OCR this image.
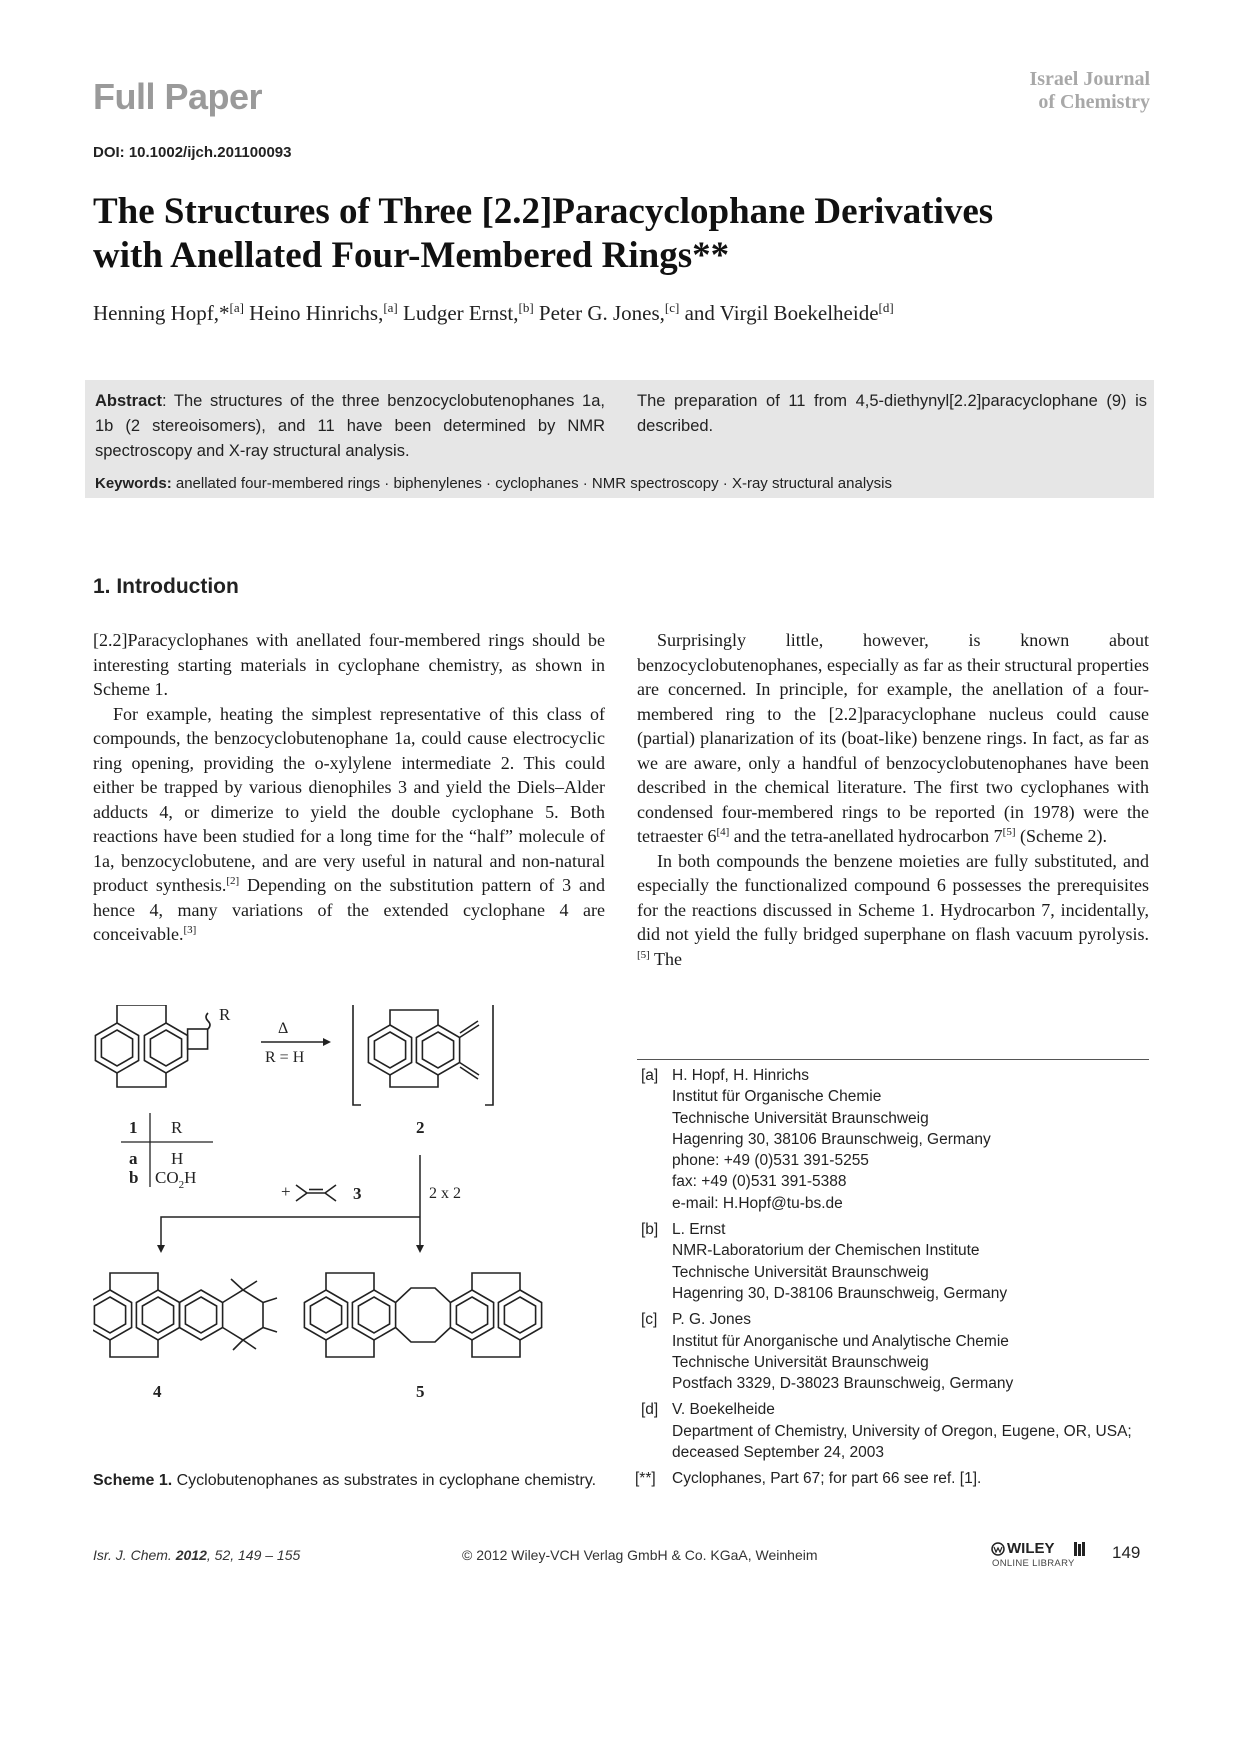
Full Paper	Israel Journal
of Chemistry
DOI: 10.1002/ijch.201100093
The Structures of Three [2.2]Paracyclophane Derivatives
with Anellated Four-Membered Rings**
Henning Hopf,*[a] Heino Hinrichs,[a] Ludger Ernst,[b] Peter G. Jones,[c] and Virgil Boekelheide[d]
Abstract: The structures of the three benzocyclobutenophanes 1a, 1b (2 stereoisomers), and 11 have been determined by NMR spectroscopy and X-ray structural analysis.
The preparation of 11 from 4,5-diethynyl[2.2]paracyclophane (9) is described.
Keywords: anellated four-membered rings · biphenylenes · cyclophanes · NMR spectroscopy · X-ray structural analysis
1. Introduction

[2.2]Paracyclophanes with anellated four-membered rings should be interesting starting materials in cyclophane chemistry, as shown in Scheme 1.

For example, heating the simplest representative of this class of compounds, the benzocyclobutenophane 1a, could cause electrocyclic ring opening, providing the o-xylylene intermediate 2. This could either be trapped by various dienophiles 3 and yield the Diels–Alder adducts 4, or dimerize to yield the double cyclophane 5. Both reactions have been studied for a long time for the “half” molecule of 1a, benzocyclobutene, and are very useful in natural and non-natural product synthesis.[2] Depending on the substitution pattern of 3 and hence 4, many variations of the extended cyclophane 4 are conceivable.[3]

Surprisingly little, however, is known about benzocyclobutenophanes, especially as far as their structural properties are concerned. In principle, for example, the anellation of a four-membered ring to the [2.2]paracyclophane nucleus could cause (partial) planarization of its (boat-like) benzene rings. In fact, as far as we are aware, only a handful of benzocyclobutenophanes have been described in the chemical literature. The first two cyclophanes with condensed four-membered rings to be reported (in 1978) were the tetraester 6[4] and the tetra-anellated hydrocarbon 7[5] (Scheme 2).

In both compounds the benzene moieties are fully substituted, and especially the functionalized compound 6 possesses the prerequisites for the reactions discussed in Scheme 1. Hydrocarbon 7, incidentally, did not yield the fully bridged superphane on flash vacuum pyrolysis.[5] The

R
Δ
R = H
1 R
a H
b $CO_2H$
2
+	3	2 x 2
4	5
Scheme 1. Cyclobutenophanes as substrates in cyclophane chemistry.
[a] H. Hopf, H. Hinrichs
Institut für Organische Chemie
Technische Universität Braunschweig
Hagenring 30, 38106 Braunschweig, Germany
phone: +49 (0)531 391-5255
fax: +49 (0)531 391-5388
e-mail: H.Hopf@tu-bs.de
[b] L. Ernst
NMR-Laboratorium der Chemischen Institute
Technische Universität Braunschweig
Hagenring 30, D-38106 Braunschweig, Germany
[c] P. G. Jones
Institut für Anorganische und Analytische Chemie
Technische Universität Braunschweig
Postfach 3329, D-38023 Braunschweig, Germany
[d] V. Boekelheide
Department of Chemistry, University of Oregon, Eugene, OR, USA;
deceased September 24, 2003
[**] Cyclophanes, Part 67; for part 66 see ref. [1].
Isr. J. Chem. 2012, 52, 149 – 155	© 2012 Wiley-VCH Verlag GmbH & Co. KGaA, Weinheim	WILEY
ONLINE LIBRARY
149
